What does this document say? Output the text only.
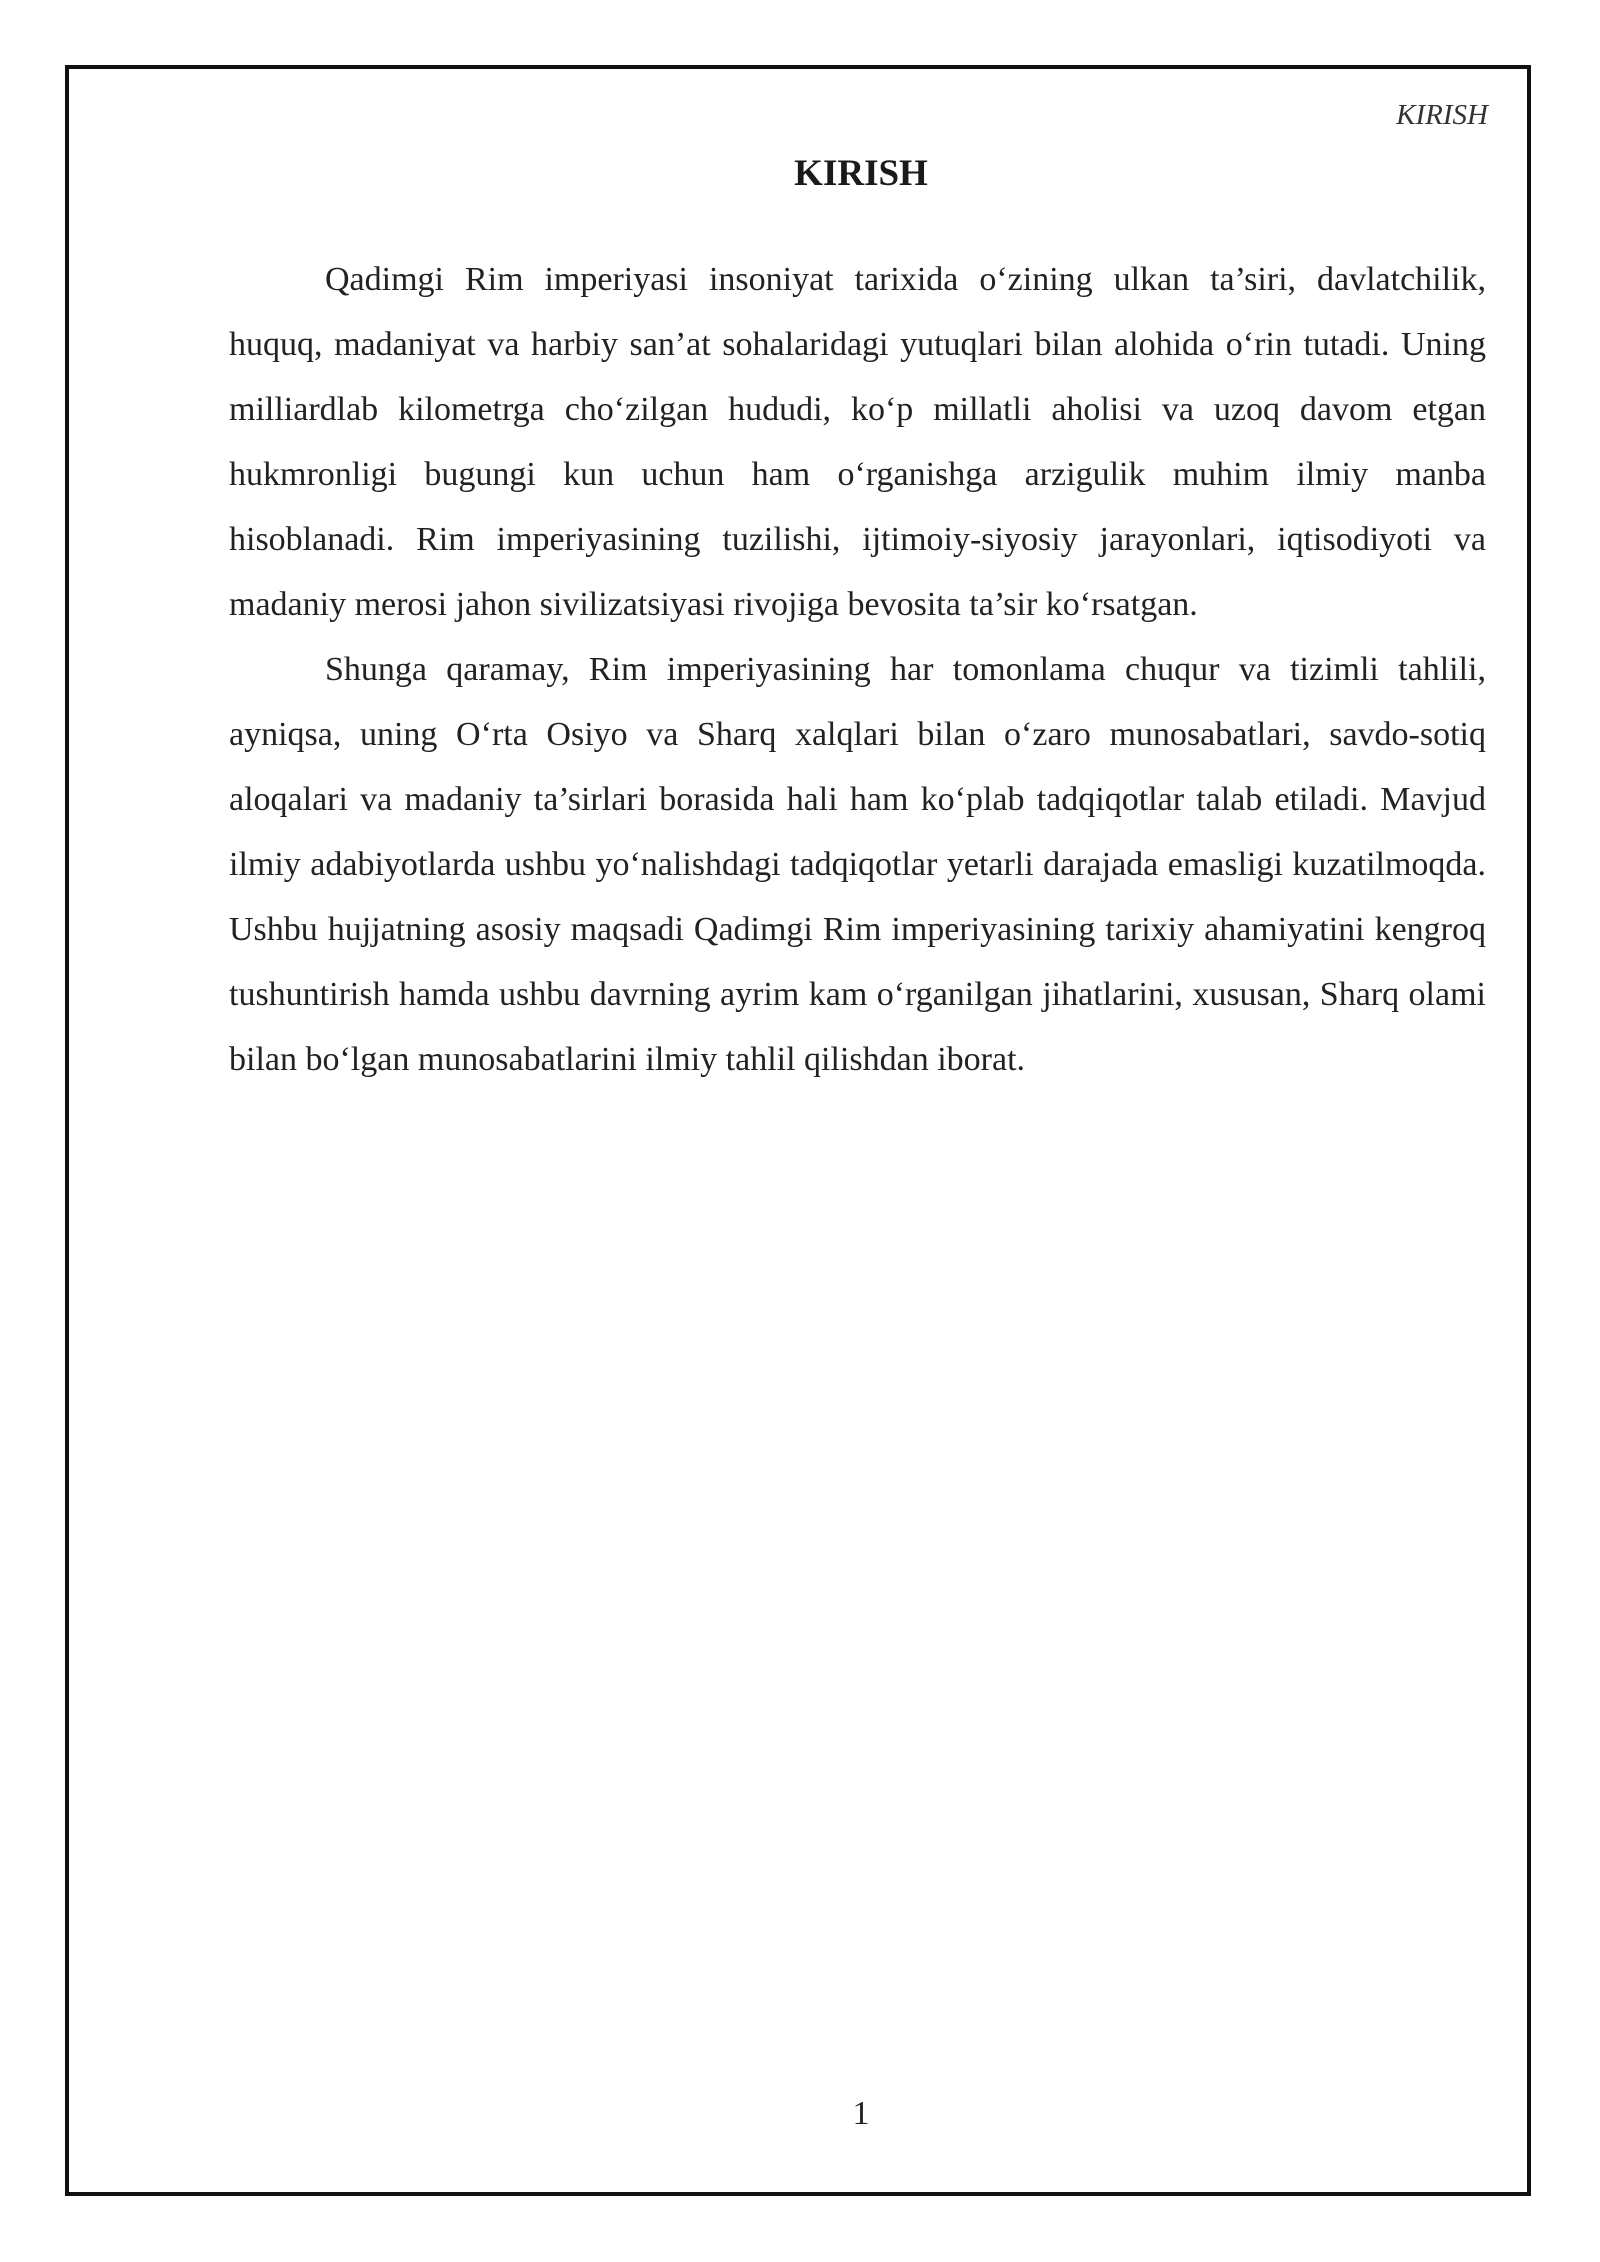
KIRISH
KIRISH

Qadimgi Rim imperiyasi insoniyat tarixida o‘zining ulkan ta’siri, davlatchilik, huquq, madaniyat va harbiy san’at sohalaridagi yutuqlari bilan alohida o‘rin tutadi. Uning milliardlab kilometrga cho‘zilgan hududi, ko‘p millatli aholisi va uzoq davom etgan hukmronligi bugungi kun uchun ham o‘rganishga arzigulik muhim ilmiy manba hisoblanadi. Rim imperiyasining tuzilishi, ijtimoiy-siyosiy jarayonlari, iqtisodiyoti va madaniy merosi jahon sivilizatsiyasi rivojiga bevosita ta’sir ko‘rsatgan.

Shunga qaramay, Rim imperiyasining har tomonlama chuqur va tizimli tahlili, ayniqsa, uning O‘rta Osiyo va Sharq xalqlari bilan o‘zaro munosabatlari, savdo-sotiq aloqalari va madaniy ta’sirlari borasida hali ham ko‘plab tadqiqotlar talab etiladi. Mavjud ilmiy adabiyotlarda ushbu yo‘nalishdagi tadqiqotlar yetarli darajada emasligi kuzatilmoqda. Ushbu hujjatning asosiy maqsadi Qadimgi Rim imperiyasining tarixiy ahamiyatini kengroq tushuntirish hamda ushbu davrning ayrim kam o‘rganilgan jihatlarini, xususan, Sharq olami bilan bo‘lgan munosabatlarini ilmiy tahlil qilishdan iborat.

1
